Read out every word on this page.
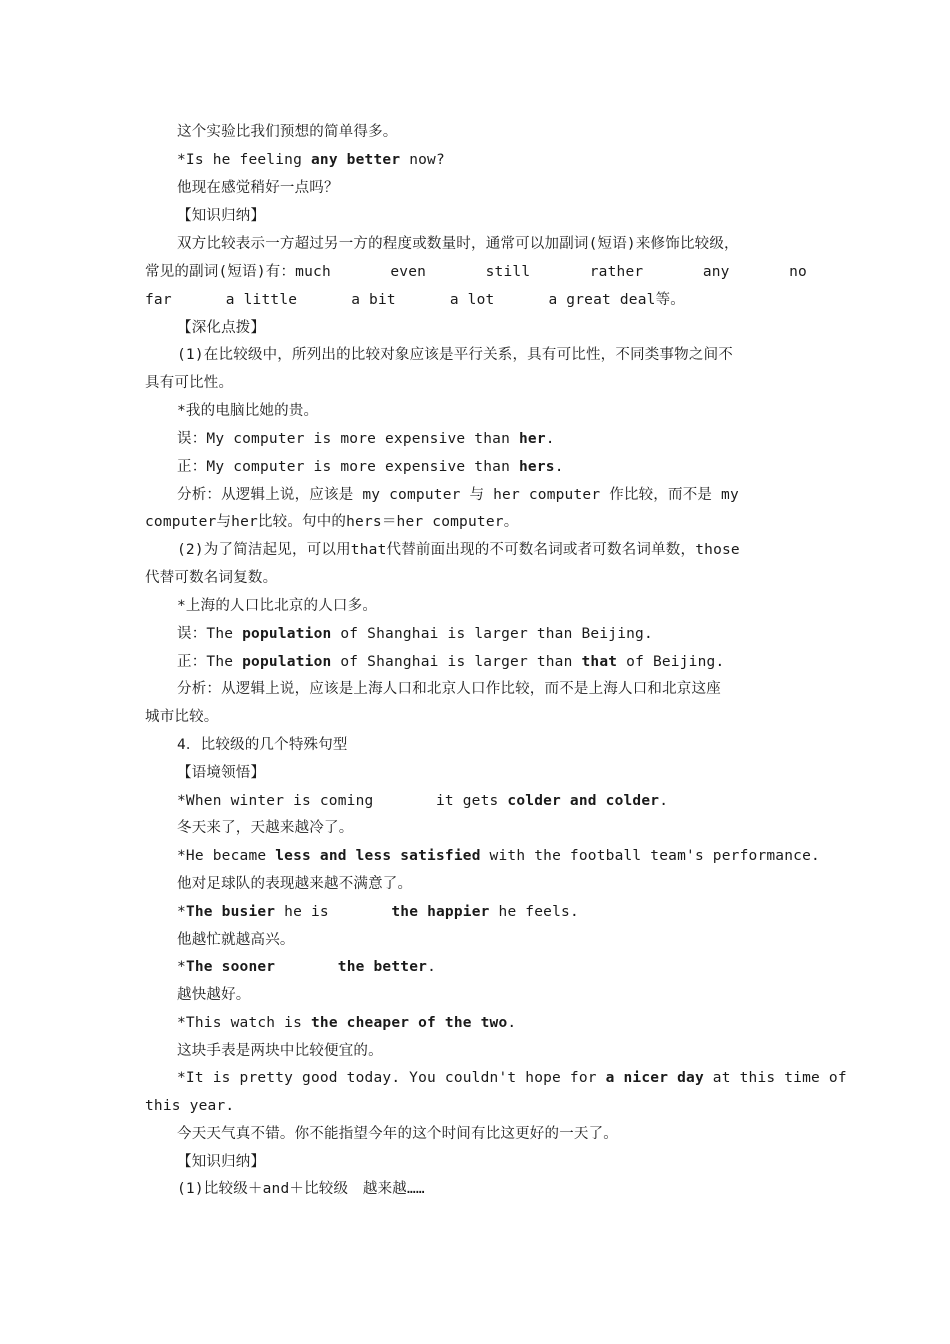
这个实验比我们预想的简单得多。
*Is he feeling any better now?
他现在感觉稍好一点吗？
【知识归纳】
双方比较表示一方超过另一方的程度或数量时，通常可以加副词(短语)来修饰比较级，
常见的副词(短语)有：much	even	still	rather	any	no
far	a little	a bit	a lot	a great deal等。
【深化点拨】
(1)在比较级中，所列出的比较对象应该是平行关系，具有可比性，不同类事物之间不
具有可比性。
*我的电脑比她的贵。
误：My computer is more expensive than her.
正：My computer is more expensive than hers.
分析：从逻辑上说，应该是 my computer 与 her computer 作比较，而不是 my
computer与her比较。句中的hers＝her computer。
(2)为了简洁起见，可以用that代替前面出现的不可数名词或者可数名词单数，those
代替可数名词复数。
*上海的人口比北京的人口多。
误：The population of Shanghai is larger than Beijing.
正：The population of Shanghai is larger than that of Beijing.
分析：从逻辑上说，应该是上海人口和北京人口作比较，而不是上海人口和北京这座
城市比较。
4．比较级的几个特殊句型
【语境领悟】
*When winter is coming       it gets colder and colder.
冬天来了，天越来越冷了。
*He became less and less satisfied with the football team's performance.
他对足球队的表现越来越不满意了。
*The busier he is       the happier he feels.
他越忙就越高兴。
*The sooner	the better.
越快越好。
*This watch is the cheaper of the two.
这块手表是两块中比较便宜的。
*It is pretty good today. You couldn't hope for a nicer day at this time of
this year.
今天天气真不错。你不能指望今年的这个时间有比这更好的一天了。
【知识归纳】
(1)比较级＋and＋比较级　越来越……
